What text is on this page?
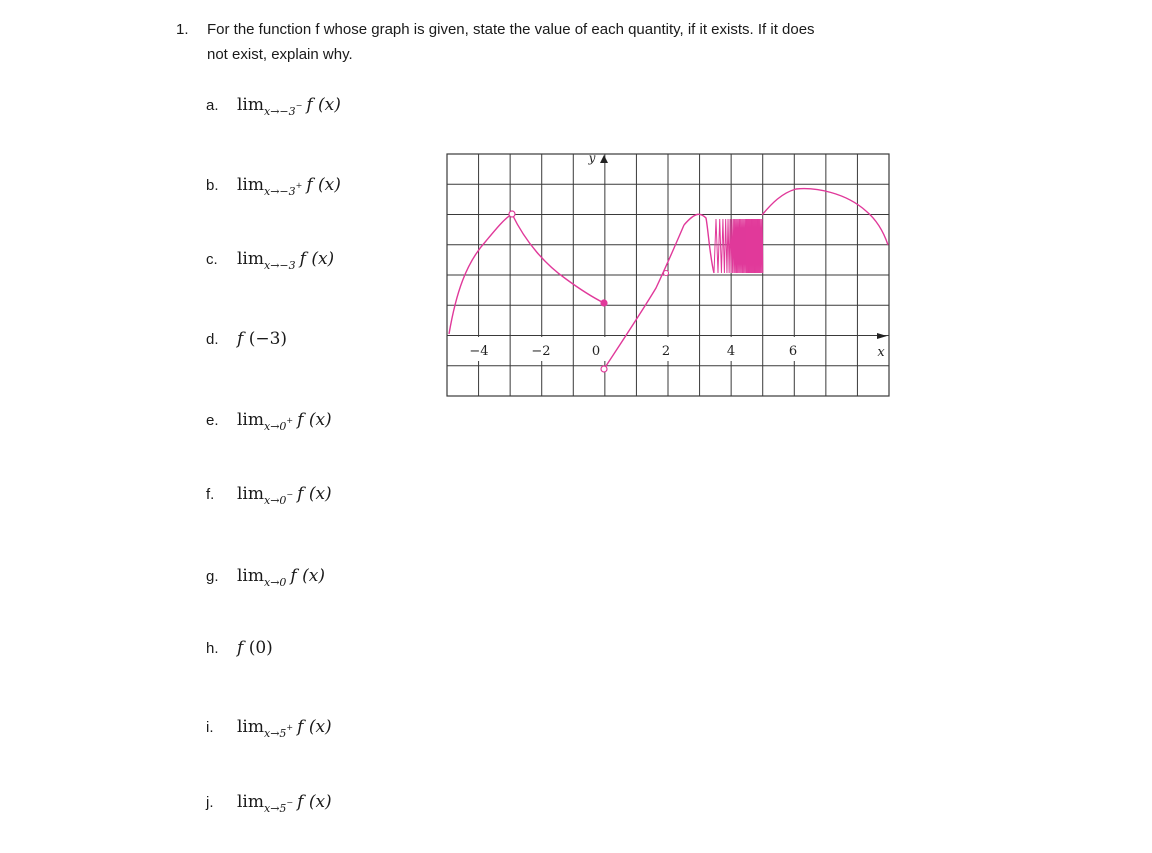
1. For the function f whose graph is given, state the value of each quantity, if it exists. If it does
not exist, explain why.
a.	$\lim_{x\to-3^-} f$ (x)
b.	$\lim_{x\to-3^+} f$ (x)
c.	$\lim_{x\to-3} f$ (x)
d.	f (−3)
e.	$\lim_{x\to 0^+} f$ (x)
f.	$\lim_{x\to 0^-} f$ (x)
g.	$\lim_{x\to 0} f$ (x)
h.	f (0)
i.	$\lim_{x\to 5^+} f$ (x)
j.	$\lim_{x\to 5^-} f$ (x)
−4	−2	0	2	4	6	x
y
